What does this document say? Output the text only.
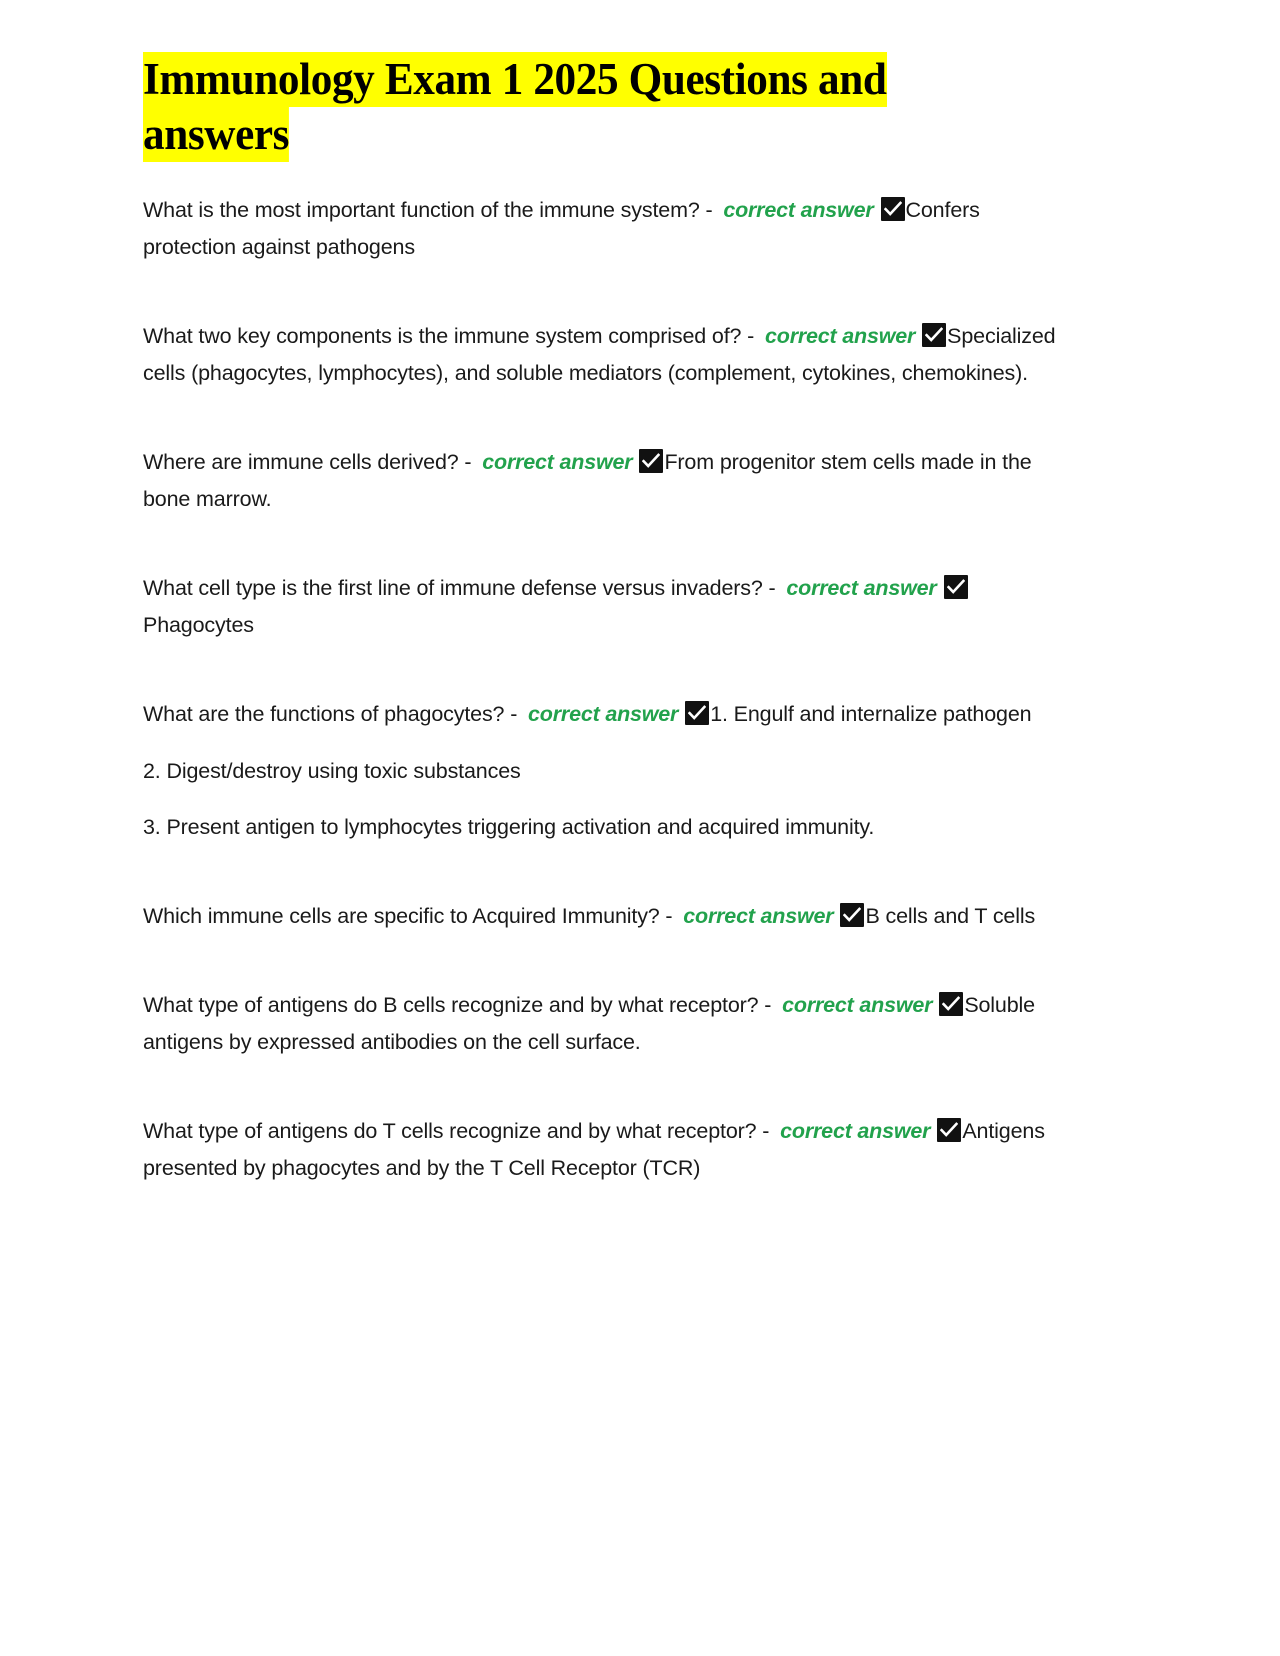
Immunology Exam 1 2025 Questions and
answers

What is the most important function of the immune system? - correct answer Confers protection against pathogens

What two key components is the immune system comprised of? - correct answer Specialized cells (phagocytes, lymphocytes), and soluble mediators (complement, cytokines, chemokines).

Where are immune cells derived? - correct answer From progenitor stem cells made in the bone marrow.

What cell type is the first line of immune defense versus invaders? - correct answer
Phagocytes

What are the functions of phagocytes? - correct answer 1. Engulf and internalize pathogen

2. Digest/destroy using toxic substances

3. Present antigen to lymphocytes triggering activation and acquired immunity.

Which immune cells are specific to Acquired Immunity? - correct answer B cells and T cells

What type of antigens do B cells recognize and by what receptor? - correct answer Soluble antigens by expressed antibodies on the cell surface.

What type of antigens do T cells recognize and by what receptor? - correct answer Antigens presented by phagocytes and by the T Cell Receptor (TCR)
